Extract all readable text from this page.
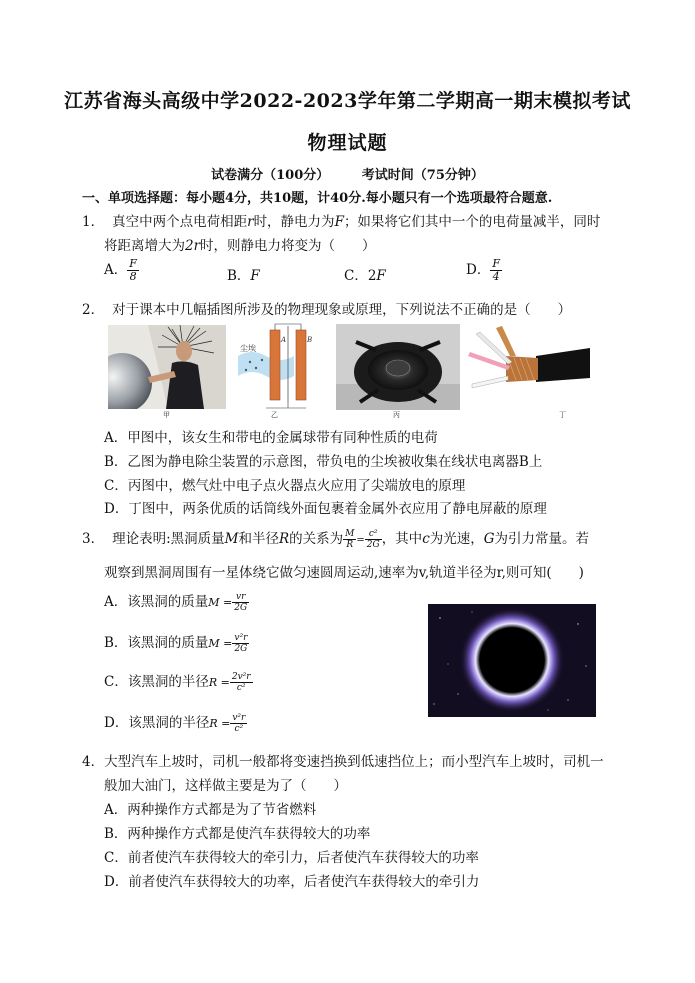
江苏省海头高级中学2022-2023学年第二学期高一期末模拟考试
物理试题
试卷满分（100分）	考试时间（75分钟）
一、单项选择题：每小题4分，共10题，计40分.每小题只有一个选项最符合题意.
1． 真空中两个点电荷相距r时，静电力为F；如果将它们其中一个的电荷量减半，同时
将距离增大为2r时，则静电力将变为（　　）
A． $\frac{F}{8}$	B．F	C．2F	D． $\frac{F}{4}$
2． 对于课本中几幅插图所涉及的物理现象或原理，下列说法不正确的是（　　）
甲
尘埃
A	B
乙	丙	丁
A．甲图中，该女生和带电的金属球带有同种性质的电荷
B．乙图为静电除尘装置的示意图，带负电的尘埃被收集在线状电离器B上
C．丙图中，燃气灶中电子点火器点火应用了尖端放电的原理
D．丁图中，两条优质的话筒线外面包裹着金属外衣应用了静电屏蔽的原理
3． 理论表明:黑洞质量M和半径R的关系为 $\frac{M}{R} = \frac{\text{c²}}{2G}$ ，其中c为光速，G为引力常量。若
观察到黑洞周围有一星体绕它做匀速圆周运动,速率为v,轨道半径为r,则可知(　　)
A．该黑洞的质量$M = \frac{vr}{2G}$
B．该黑洞的质量$M = \frac{\text{v²r}}{2G}$
C．该黑洞的半径$R = \frac{\text{2v²r}}{\text{c²}}$
D．该黑洞的半径$R = \frac{\text{v²r}}{\text{c²}}$
4．大型汽车上坡时，司机一般都将变速挡换到低速挡位上；而小型汽车上坡时，司机一
般加大油门，这样做主要是为了（　　）
A．两种操作方式都是为了节省燃料
B．两种操作方式都是使汽车获得较大的功率
C．前者使汽车获得较大的牵引力，后者使汽车获得较大的功率
D．前者使汽车获得较大的功率，后者使汽车获得较大的牵引力
